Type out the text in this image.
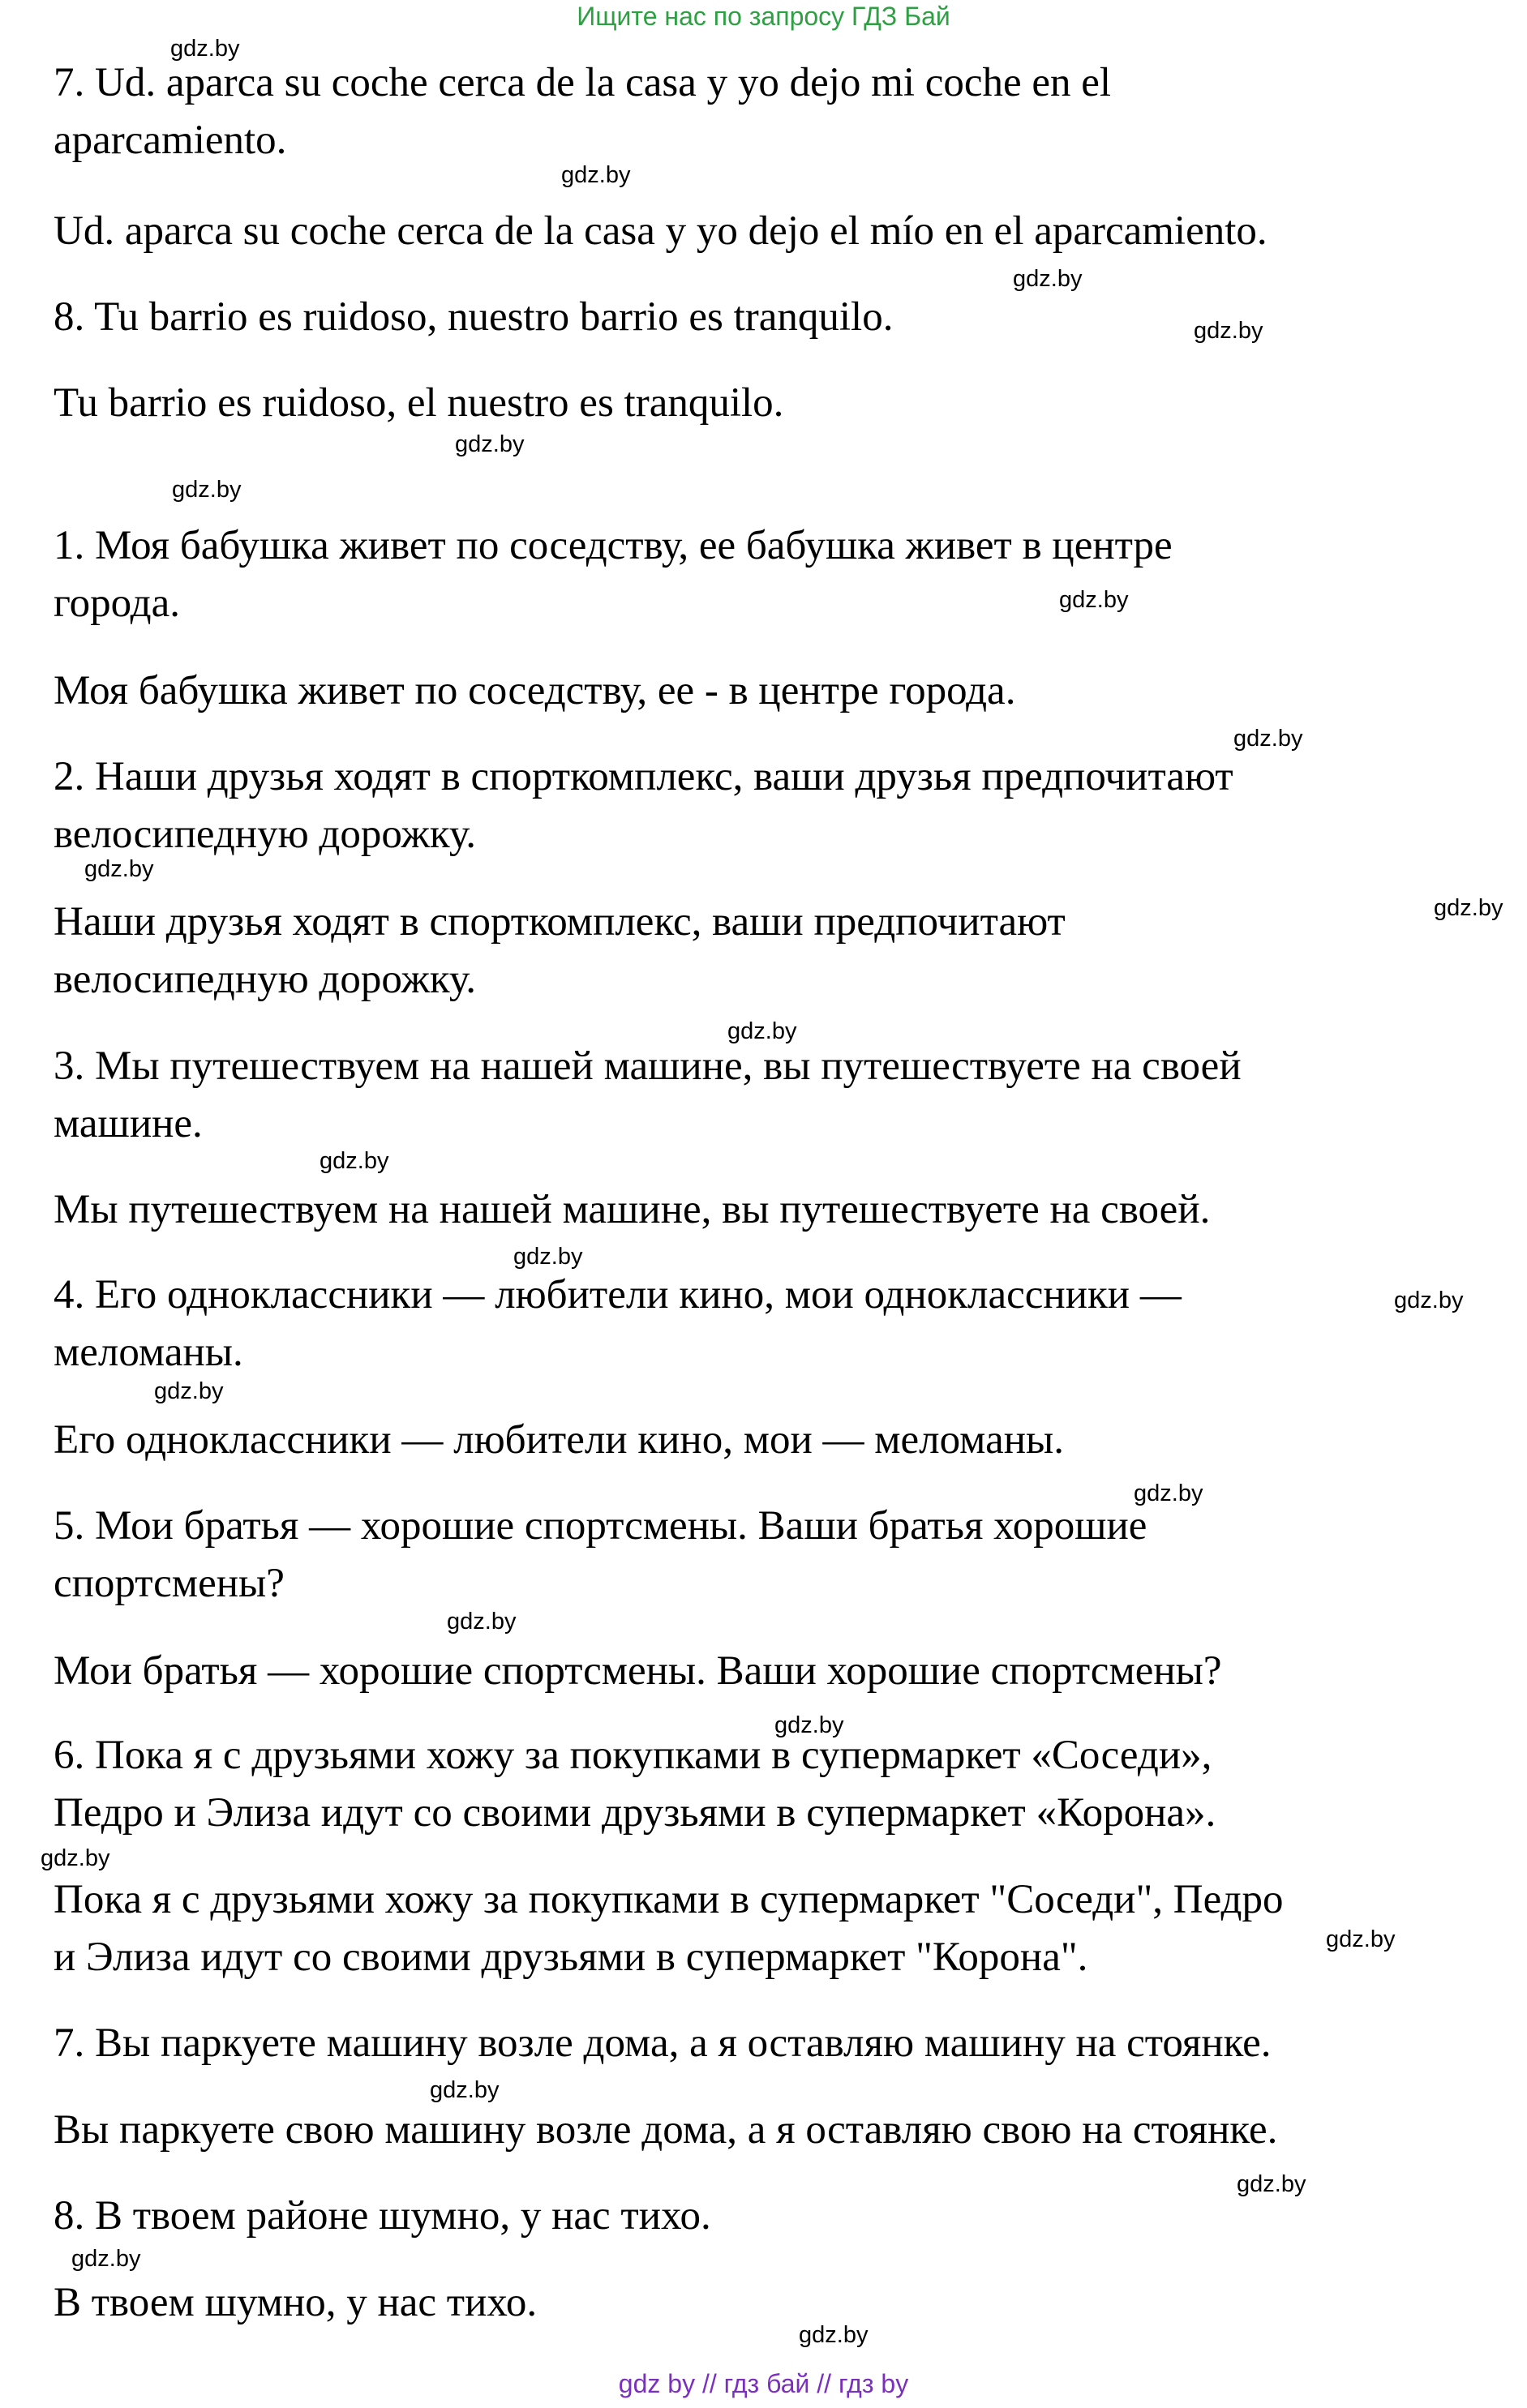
Ищите нас по запросу ГДЗ Бай
gdz.by
gdz.by
gdz.by
gdz.by
gdz.by
gdz.by
gdz.by
gdz.by
gdz.by
gdz.by
gdz.by
gdz.by
gdz.by
gdz.by
gdz.by
gdz.by
gdz.by
gdz.by
gdz.by
gdz.by
gdz.by
gdz.by
gdz.by
gdz.by
7. Ud. aparca su coche cerca de la casa y yo dejo mi coche en el
aparcamiento.
Ud. aparca su coche cerca de la casa y yo dejo el mío en el aparcamiento.
8. Tu barrio es ruidoso, nuestro barrio es tranquilo.
Tu barrio es ruidoso, el nuestro es tranquilo.
1. Моя бабушка живет по соседству, ее бабушка живет в центре
города.
Моя бабушка живет по соседству, ее - в центре города.
2. Наши друзья ходят в спорткомплекс, ваши друзья предпочитают
велосипедную дорожку.
Наши друзья ходят в спорткомплекс, ваши предпочитают
велосипедную дорожку.
3. Мы путешествуем на нашей машине, вы путешествуете на своей
машине.
Мы путешествуем на нашей машине, вы путешествуете на своей.
4. Его одноклассники — любители кино, мои одноклассники —
меломаны.
Его одноклассники — любители кино, мои — меломаны.
5. Мои братья — хорошие спортсмены. Ваши братья хорошие
спортсмены?
Мои братья — хорошие спортсмены. Ваши хорошие спортсмены?
6. Пока я с друзьями хожу за покупками в супермаркет «Соседи»,
Педро и Элиза идут со своими друзьями в супермаркет «Корона».
Пока я с друзьями хожу за покупками в супермаркет "Соседи", Педро
и Элиза идут со своими друзьями в супермаркет "Корона".
7. Вы паркуете машину возле дома, а я оставляю машину на стоянке.
Вы паркуете свою машину возле дома, а я оставляю свою на стоянке.
8. В твоем районе шумно, у нас тихо.
В твоем шумно, у нас тихо.
gdz by // гдз бай // гдз by
